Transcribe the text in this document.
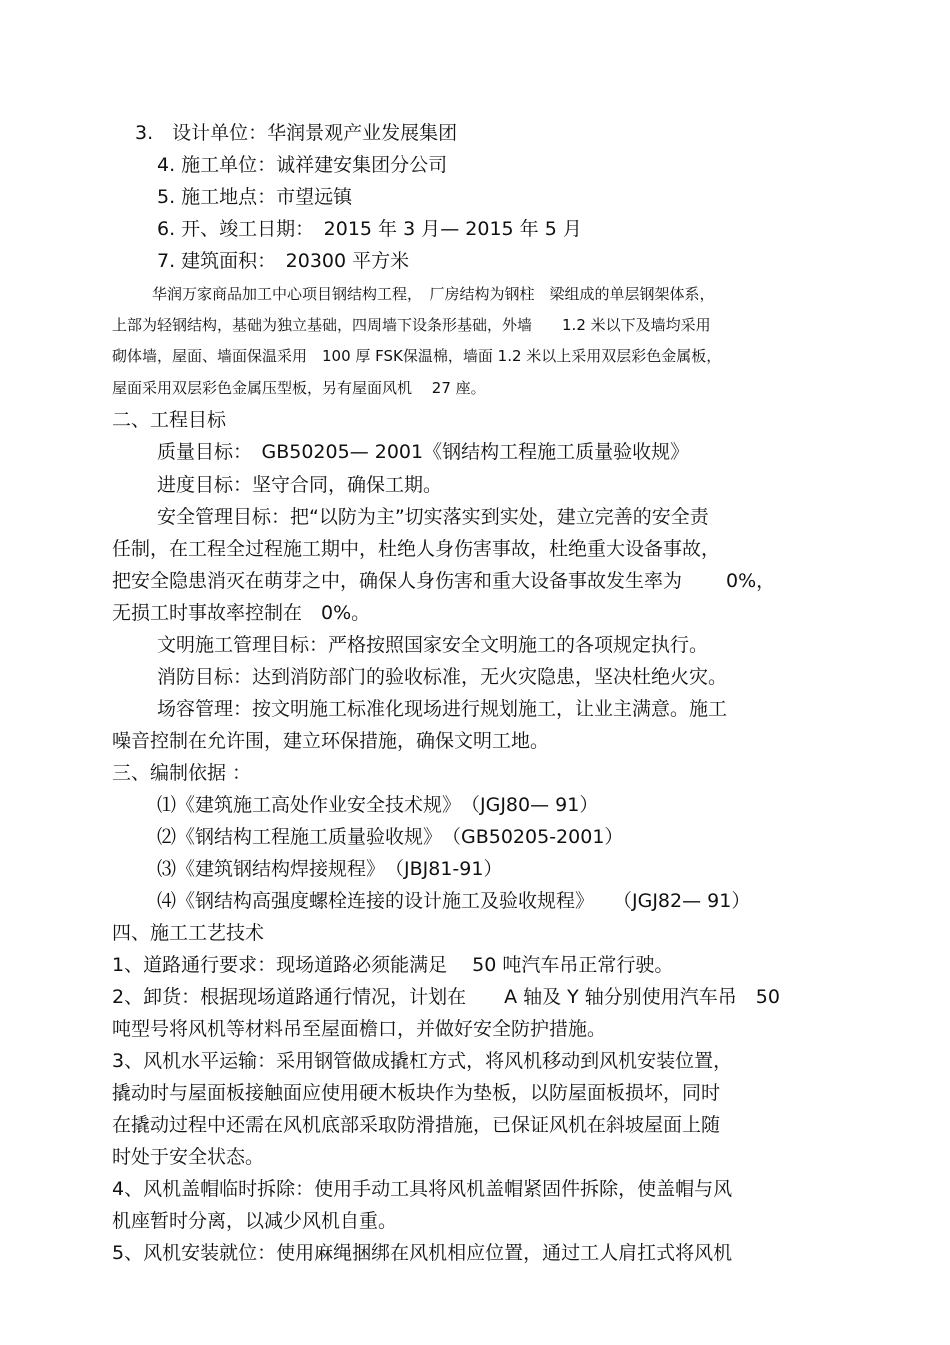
3.　设计单位：华润景观产业发展集团
4. 施工单位：诚祥建安集团分公司
5. 施工地点：市望远镇
6. 开、竣工日期：　2015 年 3 月— 2015 年 5 月
7. 建筑面积：　20300 平方米
华润万家商品加工中心项目钢结构工程，　厂房结构为钢柱　梁组成的单层钢架体系，
上部为轻钢结构，基础为独立基础，四周墙下设条形基础，外墙　　1.2 米以下及墙均采用
砌体墙，屋面、墙面保温采用　100 厚 FSK保温棉，墙面 1.2 米以上采用双层彩色金属板，
屋面采用双层彩色金属压型板，另有屋面风机　 27 座。
二、工程目标
质量目标：　GB50205— 2001《钢结构工程施工质量验收规》
进度目标：坚守合同，确保工期。
安全管理目标：把“以防为主”切实落实到实处，建立完善的安全责
任制，在工程全过程施工期中，杜绝人身伤害事故，杜绝重大设备事故，
把安全隐患消灭在萌芽之中，确保人身伤害和重大设备事故发生率为　　 0%，
无损工时事故率控制在　0%。
文明施工管理目标：严格按照国家安全文明施工的各项规定执行。
消防目标：达到消防部门的验收标准，无火灾隐患，坚决杜绝火灾。
场容管理：按文明施工标准化现场进行规划施工，让业主满意。施工
噪音控制在允许围，建立环保措施，确保文明工地。
三、编制依据 ：
⑴《建筑施工高处作业安全技术规》　（JGJ80— 91）
⑵《钢结构工程施工质量验收规》　（GB50205-2001）
⑶《建筑钢结构焊接规程》　（JBJ81-91）
⑷《钢结构高强度螺栓连接的设计施工及验收规程》　　（JGJ82— 91）
四、施工工艺技术
1、道路通行要求：现场道路必须能满足　 50 吨汽车吊正常行驶。
2、卸货：根据现场道路通行情况，计划在　　A 轴及 Y 轴分别使用汽车吊　50
吨型号将风机等材料吊至屋面檐口，并做好安全防护措施。
3、风机水平运输：采用钢管做成撬杠方式，将风机移动到风机安装位置，
撬动时与屋面板接触面应使用硬木板块作为垫板，以防屋面板损坏，同时
在撬动过程中还需在风机底部采取防滑措施，已保证风机在斜坡屋面上随
时处于安全状态。
4、风机盖帽临时拆除：使用手动工具将风机盖帽紧固件拆除，使盖帽与风
机座暂时分离，以减少风机自重。
5、风机安装就位：使用麻绳捆绑在风机相应位置，通过工人肩扛式将风机
